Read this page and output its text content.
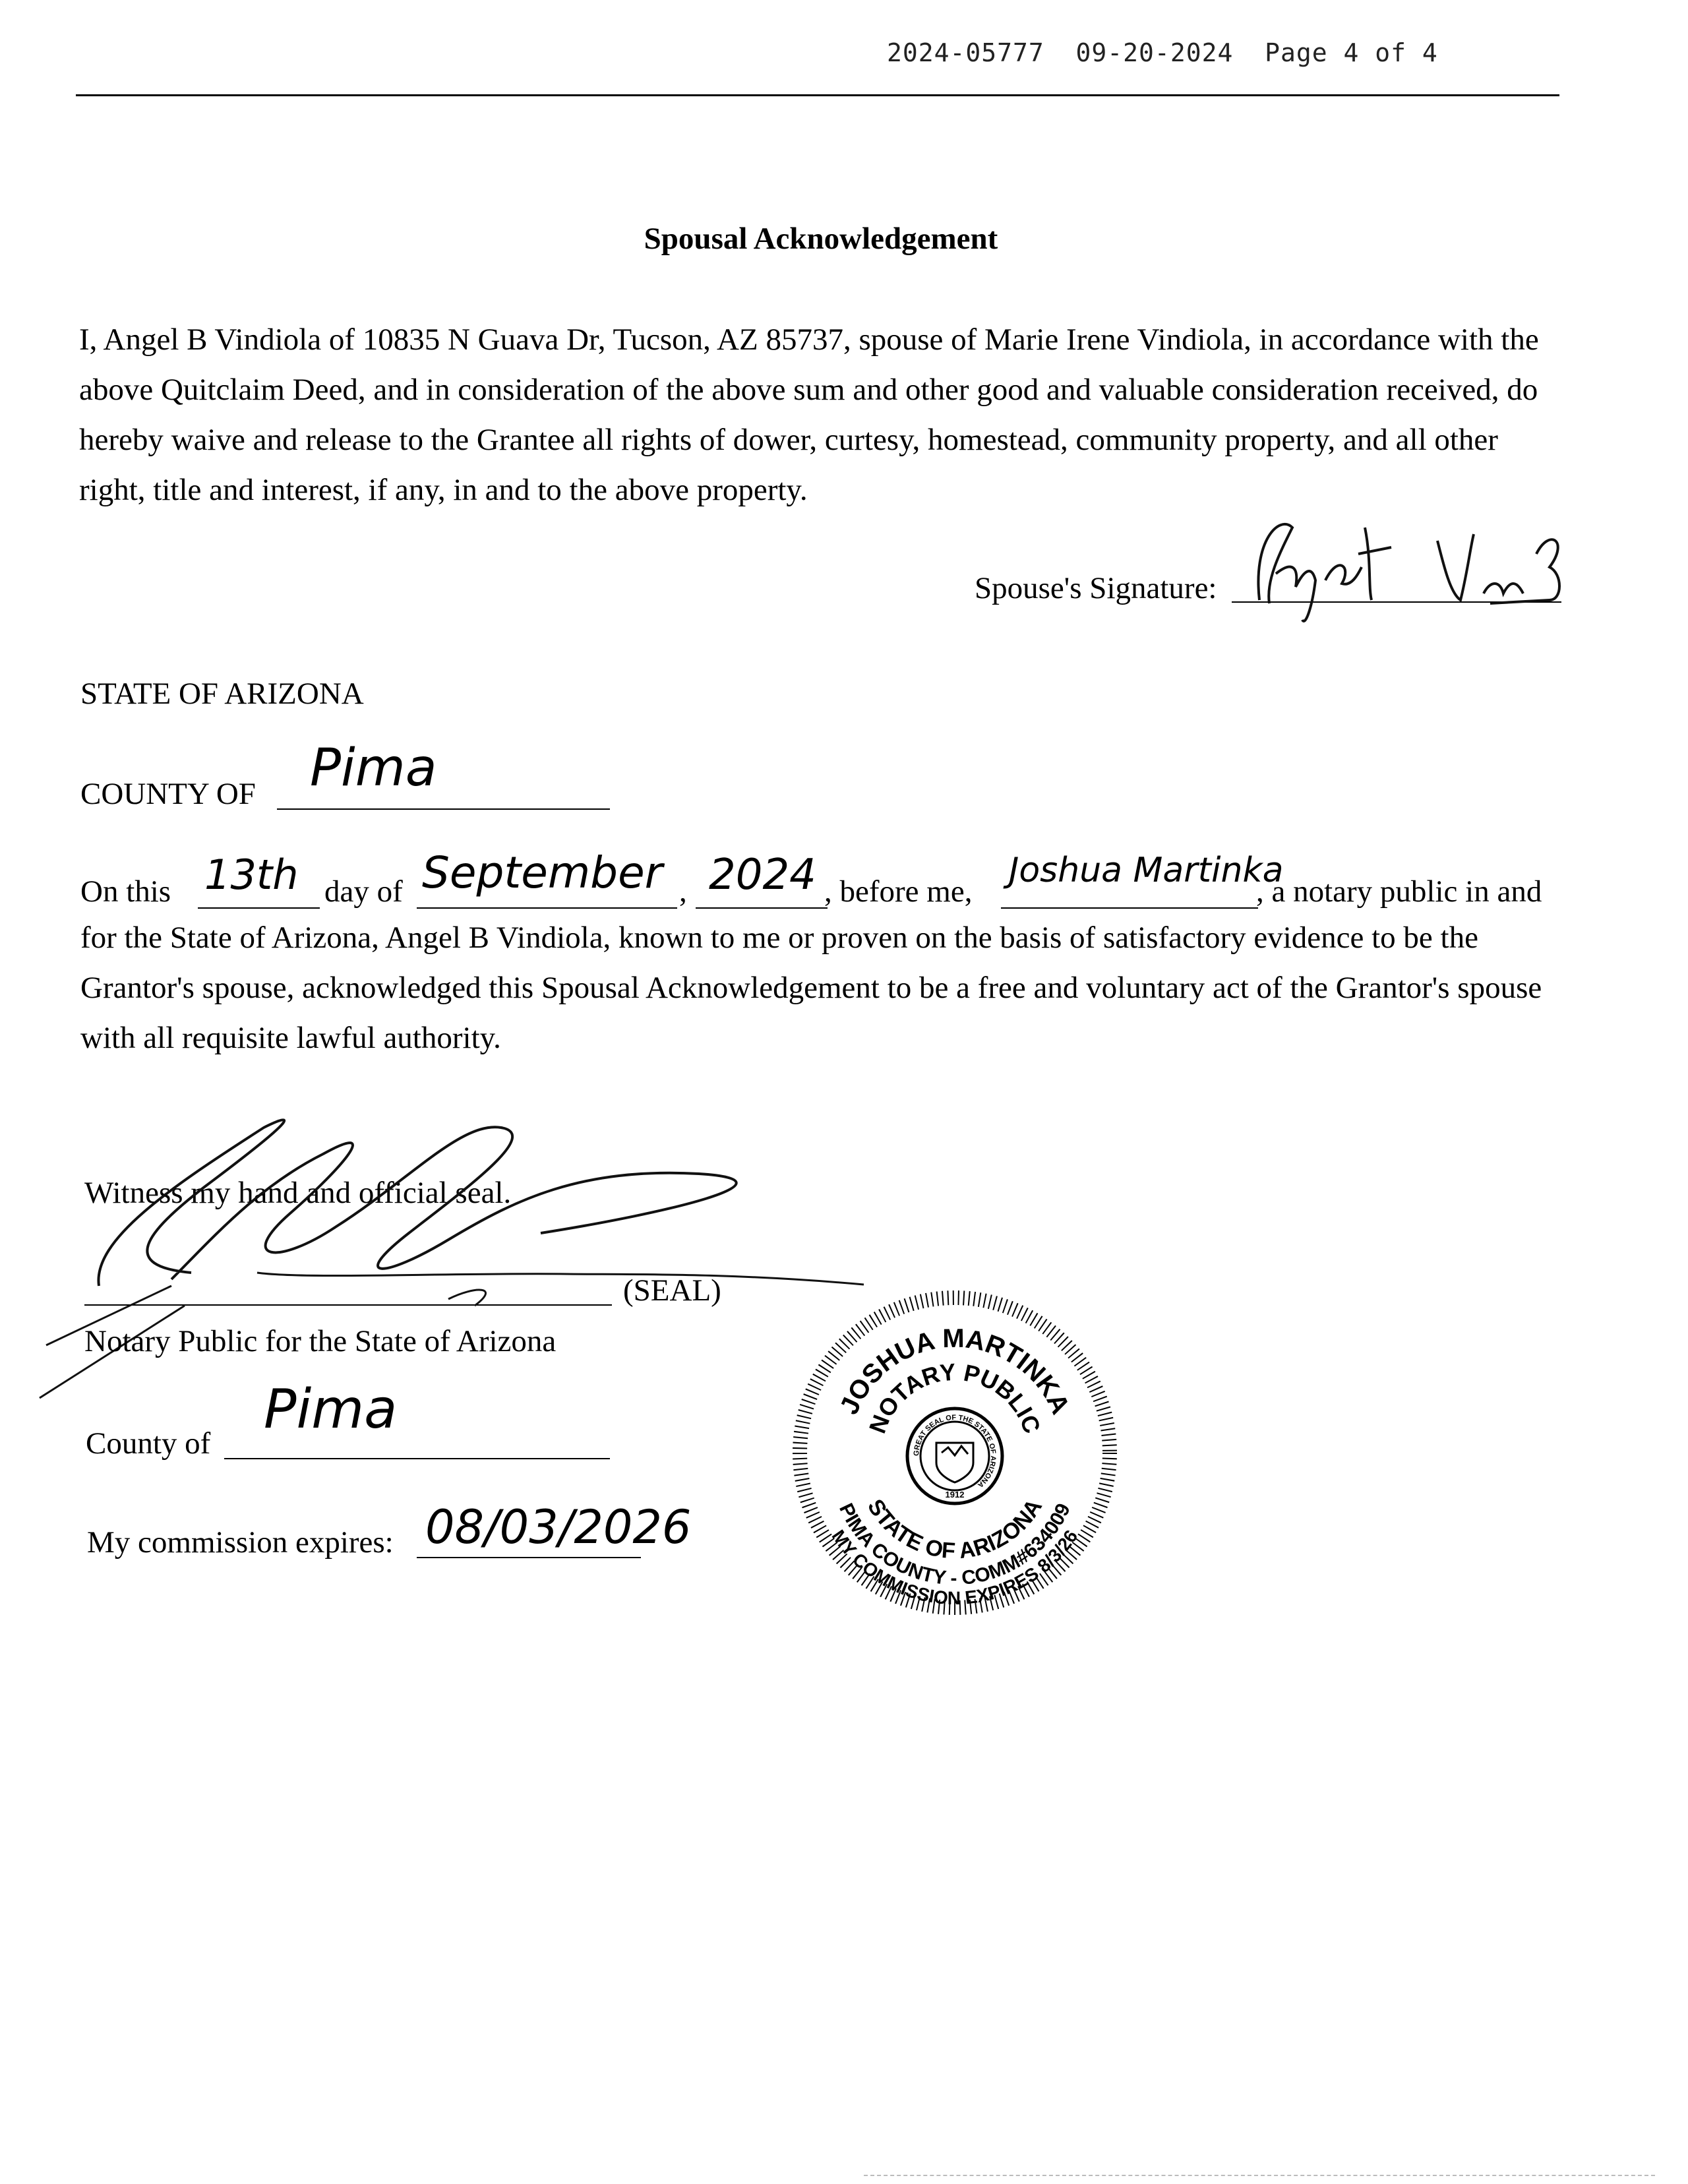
2024-05777 09-20-2024 Page 4 of 4
Spousal Acknowledgement
I, Angel B Vindiola of 10835 N Guava Dr, Tucson, AZ 85737, spouse of Marie Irene Vindiola, in accordance with the above Quitclaim Deed, and in consideration of the above sum and other good and valuable consideration received, do hereby waive and release to the Grantee all rights of dower, curtesy, homestead, community property, and all other right, title and interest, if any, in and to the above property.
Spouse's Signature:
STATE OF ARIZONA
COUNTY OF Pima
On this 13th day of September , 2024 , before me,
Joshua Martinka
, a notary public in and
for the State of Arizona, Angel B Vindiola, known to me or proven on the basis of satisfactory evidence to be the Grantor's spouse, acknowledged this Spousal Acknowledgement to be a free and voluntary act of the Grantor's spouse with all requisite lawful authority.
Witness my hand and official seal.
(SEAL)
Notary Public for the State of Arizona
County of
Pima
My commission expires: 08/03/2026
JOSHUA MARTINKA
NOTARY PUBLIC
GREAT SEAL OF THE STATE OF ARIZONA
1912
STATE OF ARIZONA
PIMA COUNTY - COMM#634009
MY COMMISSION EXPIRES 8/3/26
